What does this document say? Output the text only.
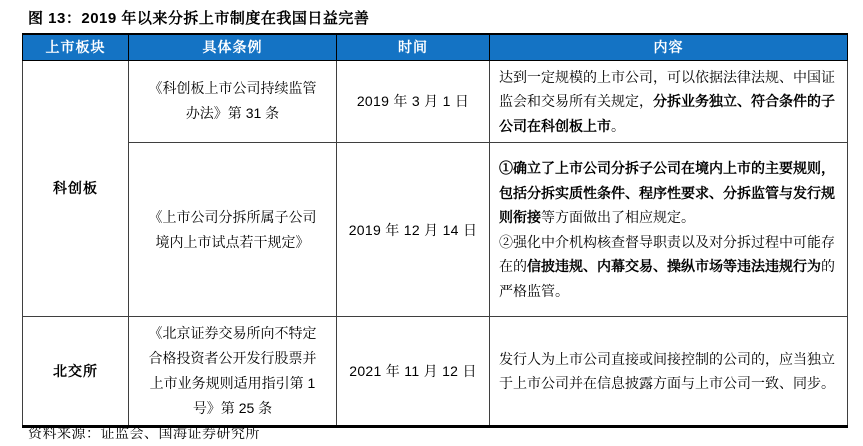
图 13：2019 年以来分拆上市制度在我国日益完善
上市板块	具体条例	时间	内容
科创板	《科创板上市公司持续监管办法》第 31 条	2019 年 3 月 1 日	达到一定规模的上市公司，可以依据法律法规、中国证监会和交易所有关规定，分拆业务独立、符合条件的子公司在科创板上市。

	《上市公司分拆所属子公司境内上市试点若干规定》	2019 年 12 月 14 日	①确立了上市公司分拆子公司在境内上市的主要规则，包括分拆实质性条件、程序性要求、分拆监管与发行规则衔接等方面做出了相应规定。

②强化中介机构核查督导职责以及对分拆过程中可能存在的信披违规、内幕交易、操纵市场等违法违规行为的严格监管。

北交所	《北京证券交易所向不特定合格投资者公开发行股票并上市业务规则适用指引第 1 号》第 25 条	2021 年 11 月 12 日	发行人为上市公司直接或间接控制的公司的，应当独立于上市公司并在信息披露方面与上市公司一致、同步。

资料来源：证监会、国海证券研究所
